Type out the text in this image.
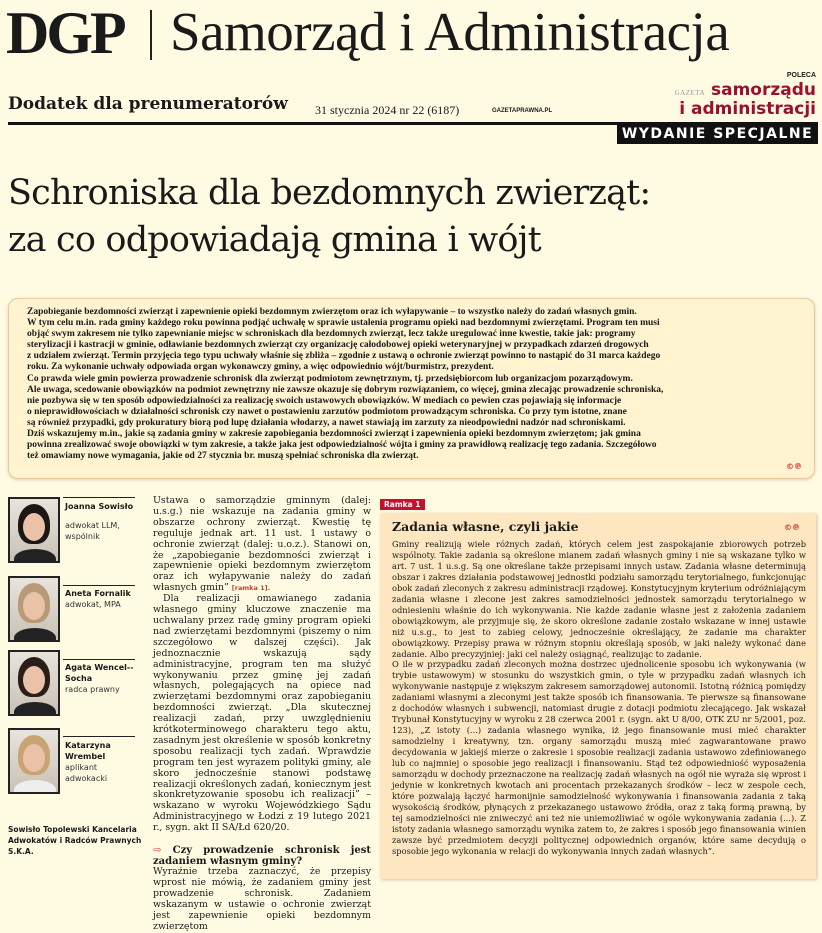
DGP Samorząd i Administracja
Dodatek dla prenumeratorów 31 stycznia 2024 nr 22 (6187)	GAZETAPRAWNA.PL
POLECA
GAZETA samorządu
i administracji
WYDANIE SPECJALNE
Schroniska dla bezdomnych zwierząt:
za co odpowiadają gmina i wójt

Zapobieganie bezdomności zwierząt i zapewnienie opieki bezdomnym zwierzętom oraz ich wyłapywanie – to wszystko należy do zadań własnych gmin.

W tym celu m.in. rada gminy każdego roku powinna podjąć uchwałę w sprawie ustalenia programu opieki nad bezdomnymi zwierzętami. Program ten musi

objąć swym zakresem nie tylko zapewnianie miejsc w schroniskach dla bezdomnych zwierząt, lecz także uregulować inne kwestie, takie jak: programy

sterylizacji i kastracji w gminie, odławianie bezdomnych zwierząt czy organizację całodobowej opieki weterynaryjnej w przypadkach zdarzeń drogowych

z udziałem zwierząt. Termin przyjęcia tego typu uchwały właśnie się zbliża – zgodnie z ustawą o ochronie zwierząt powinno to nastąpić do 31 marca każdego

roku. Za wykonanie uchwały odpowiada organ wykonawczy gminy, a więc odpowiednio wójt/burmistrz, prezydent.

Co prawda wiele gmin powierza prowadzenie schronisk dla zwierząt podmiotom zewnętrznym, tj. przedsiębiorcom lub organizacjom pozarządowym.

Ale uwaga, scedowanie obowiązków na podmiot zewnętrzny nie zawsze okazuje się dobrym rozwiązaniem, co więcej, gmina zlecając prowadzenie schroniska,

nie pozbywa się w ten sposób odpowiedzialności za realizację swoich ustawowych obowiązków. W mediach co pewien czas pojawiają się informacje

o nieprawidłowościach w działalności schronisk czy nawet o postawieniu zarzutów podmiotom prowadzącym schroniska. Co przy tym istotne, znane

są również przypadki, gdy prokuratury biorą pod lupę działania włodarzy, a nawet stawiają im zarzuty za nieodpowiedni nadzór nad schroniskami.

Dziś wskazujemy m.in., jakie są zadania gminy w zakresie zapobiegania bezdomności zwierząt i zapewnienia opieki bezdomnym zwierzętom; jak gmina

powinna zrealizować swoje obowiązki w tym zakresie, a także jaka jest odpowiedzialność wójta i gminy za prawidłową realizację tego zadania. Szczegółowo

też omawiamy nowe wymagania, jakie od 27 stycznia br. muszą spełniać schroniska dla zwierząt.

©℗
Joanna Sowisło
adwokat LLM, wspólnik
Aneta Fornalik
adwokat, MPA
Agata Wencel--Socha
radca prawny
Katarzyna Wrembel
aplikant adwokacki
Sowisło Topolewski Kancelaria Adwokatów i Radców Prawnych S.K.A.

Ustawa o samorządzie gminnym (dalej: u.s.g.) nie wskazuje na zadania gminy w obszarze ochrony zwierząt. Kwestię tę reguluje jednak art. 11 ust. 1 ustawy o ochronie zwierząt (dalej: u.o.z.). Stanowi on, że „zapobieganie bezdomności zwierząt i zapewnienie opieki bezdomnym zwierzętom oraz ich wyłapywanie należy do zadań własnych gmin” [ramka 1].

Dla realizacji omawianego zadania własnego gminy kluczowe znaczenie ma uchwalany przez radę gminy program opieki nad zwierzętami bezdomnymi (piszemy o nim szczegółowo w dalszej części). Jak jednoznacznie wskazują sądy administracyjne, program ten ma służyć wykonywaniu przez gminę jej zadań własnych, polegających na opiece nad zwierzętami bezdomnymi oraz zapobieganiu bezdomności zwierząt. „Dla skutecznej realizacji zadań, przy uwzględnieniu krótkoterminowego charakteru tego aktu, zasadnym jest określenie w sposób konkretny sposobu realizacji tych zadań. Wprawdzie program ten jest wyrazem polityki gminy, ale skoro jednocześnie stanowi podstawę realizacji określonych zadań, koniecznym jest skonkretyzowanie sposobu ich realizacji” – wskazano w wyroku Wojewódzkiego Sądu Administracyjnego w Łodzi z 19 lutego 2021 r., sygn. akt II SA/Łd 620/20.

⇨ Czy prowadzenie schronisk jest zadaniem własnym gminy?

Wyraźnie trzeba zaznaczyć, że przepisy wprost nie mówią, że zadaniem gminy jest prowadzenie schronisk. Zadaniem wskazanym w ustawie o ochronie zwierząt jest zapewnienie opieki bezdomnym zwierzętom

Ramka 1
Zadania własne, czyli jakie	©℗

Gminy realizują wiele różnych zadań, których celem jest zaspokajanie zbiorowych potrzeb wspólnoty. Takie zadania są określone mianem zadań własnych gminy i nie są wskazane tylko w art. 7 ust. 1 u.s.g. Są one określane także przepisami innych ustaw. Zadania własne determinują obszar i zakres działania podstawowej jednostki podziału samorządu terytorialnego, funkcjonując obok zadań zleconych z zakresu administracji rządowej. Konstytucyjnym kryterium odróżniającym zadania własne i zlecone jest zakres samodzielności jednostek samorządu terytorialnego w odniesieniu właśnie do ich wykonywania. Nie każde zadanie własne jest z założenia zadaniem obowiązkowym, ale przyjmuje się, że skoro określone zadanie zostało wskazane w innej ustawie niż u.s.g., to jest to zabieg celowy, jednocześnie określający, że zadanie ma charakter obowiązkowy. Przepisy prawa w różnym stopniu określają sposób, w jaki należy wykonać dane zadanie. Albo precyzyjniej: jaki cel należy osiągnąć, realizując to zadanie.

O ile w przypadku zadań zleconych można dostrzec ujednolicenie sposobu ich wykonywania (w trybie ustawowym) w stosunku do wszystkich gmin, o tyle w przypadku zadań własnych ich wykonywanie następuje z większym zakresem samorządowej autonomii. Istotną różnicą pomiędzy zadaniami własnymi a zleconymi jest także sposób ich finansowania. Te pierwsze są finansowane z dochodów własnych i subwencji, natomiast drugie z dotacji podmiotu zlecającego. Jak wskazał Trybunał Konstytucyjny w wyroku z 28 czerwca 2001 r. (sygn. akt U 8/00, OTK ZU nr 5/2001, poz. 123), „Z istoty (...) zadania własnego wynika, iż jego finansowanie musi mieć charakter samodzielny i kreatywny, tzn. organy samorządu muszą mieć zagwarantowane prawo decydowania w jakiejś mierze o zakresie i sposobie realizacji zadania ustawowo zdefiniowanego lub co najmniej o sposobie jego realizacji i finansowaniu. Stąd też odpowiedniość wyposażenia samorządu w dochody przeznaczone na realizację zadań własnych na ogół nie wyraża się wprost i jedynie w konkretnych kwotach ani procentach przekazanych środków – lecz w zespole cech, które pozwalają łączyć harmonijnie samodzielność wykonywania i finansowania zadania z taką wysokością środków, płynących z przekazanego ustawowo źródła, oraz z taką formą prawną, by tej samodzielności nie zniweczyć ani też nie uniemożliwiać w ogóle wykonywania zadania (...). Z istoty zadania własnego samorządu wynika zatem to, że zakres i sposób jego finansowania winien zawsze być przedmiotem decyzji politycznej odpowiednich organów, które same decydują o sposobie jego wykonania w relacji do wykonywania innych zadań własnych”.
